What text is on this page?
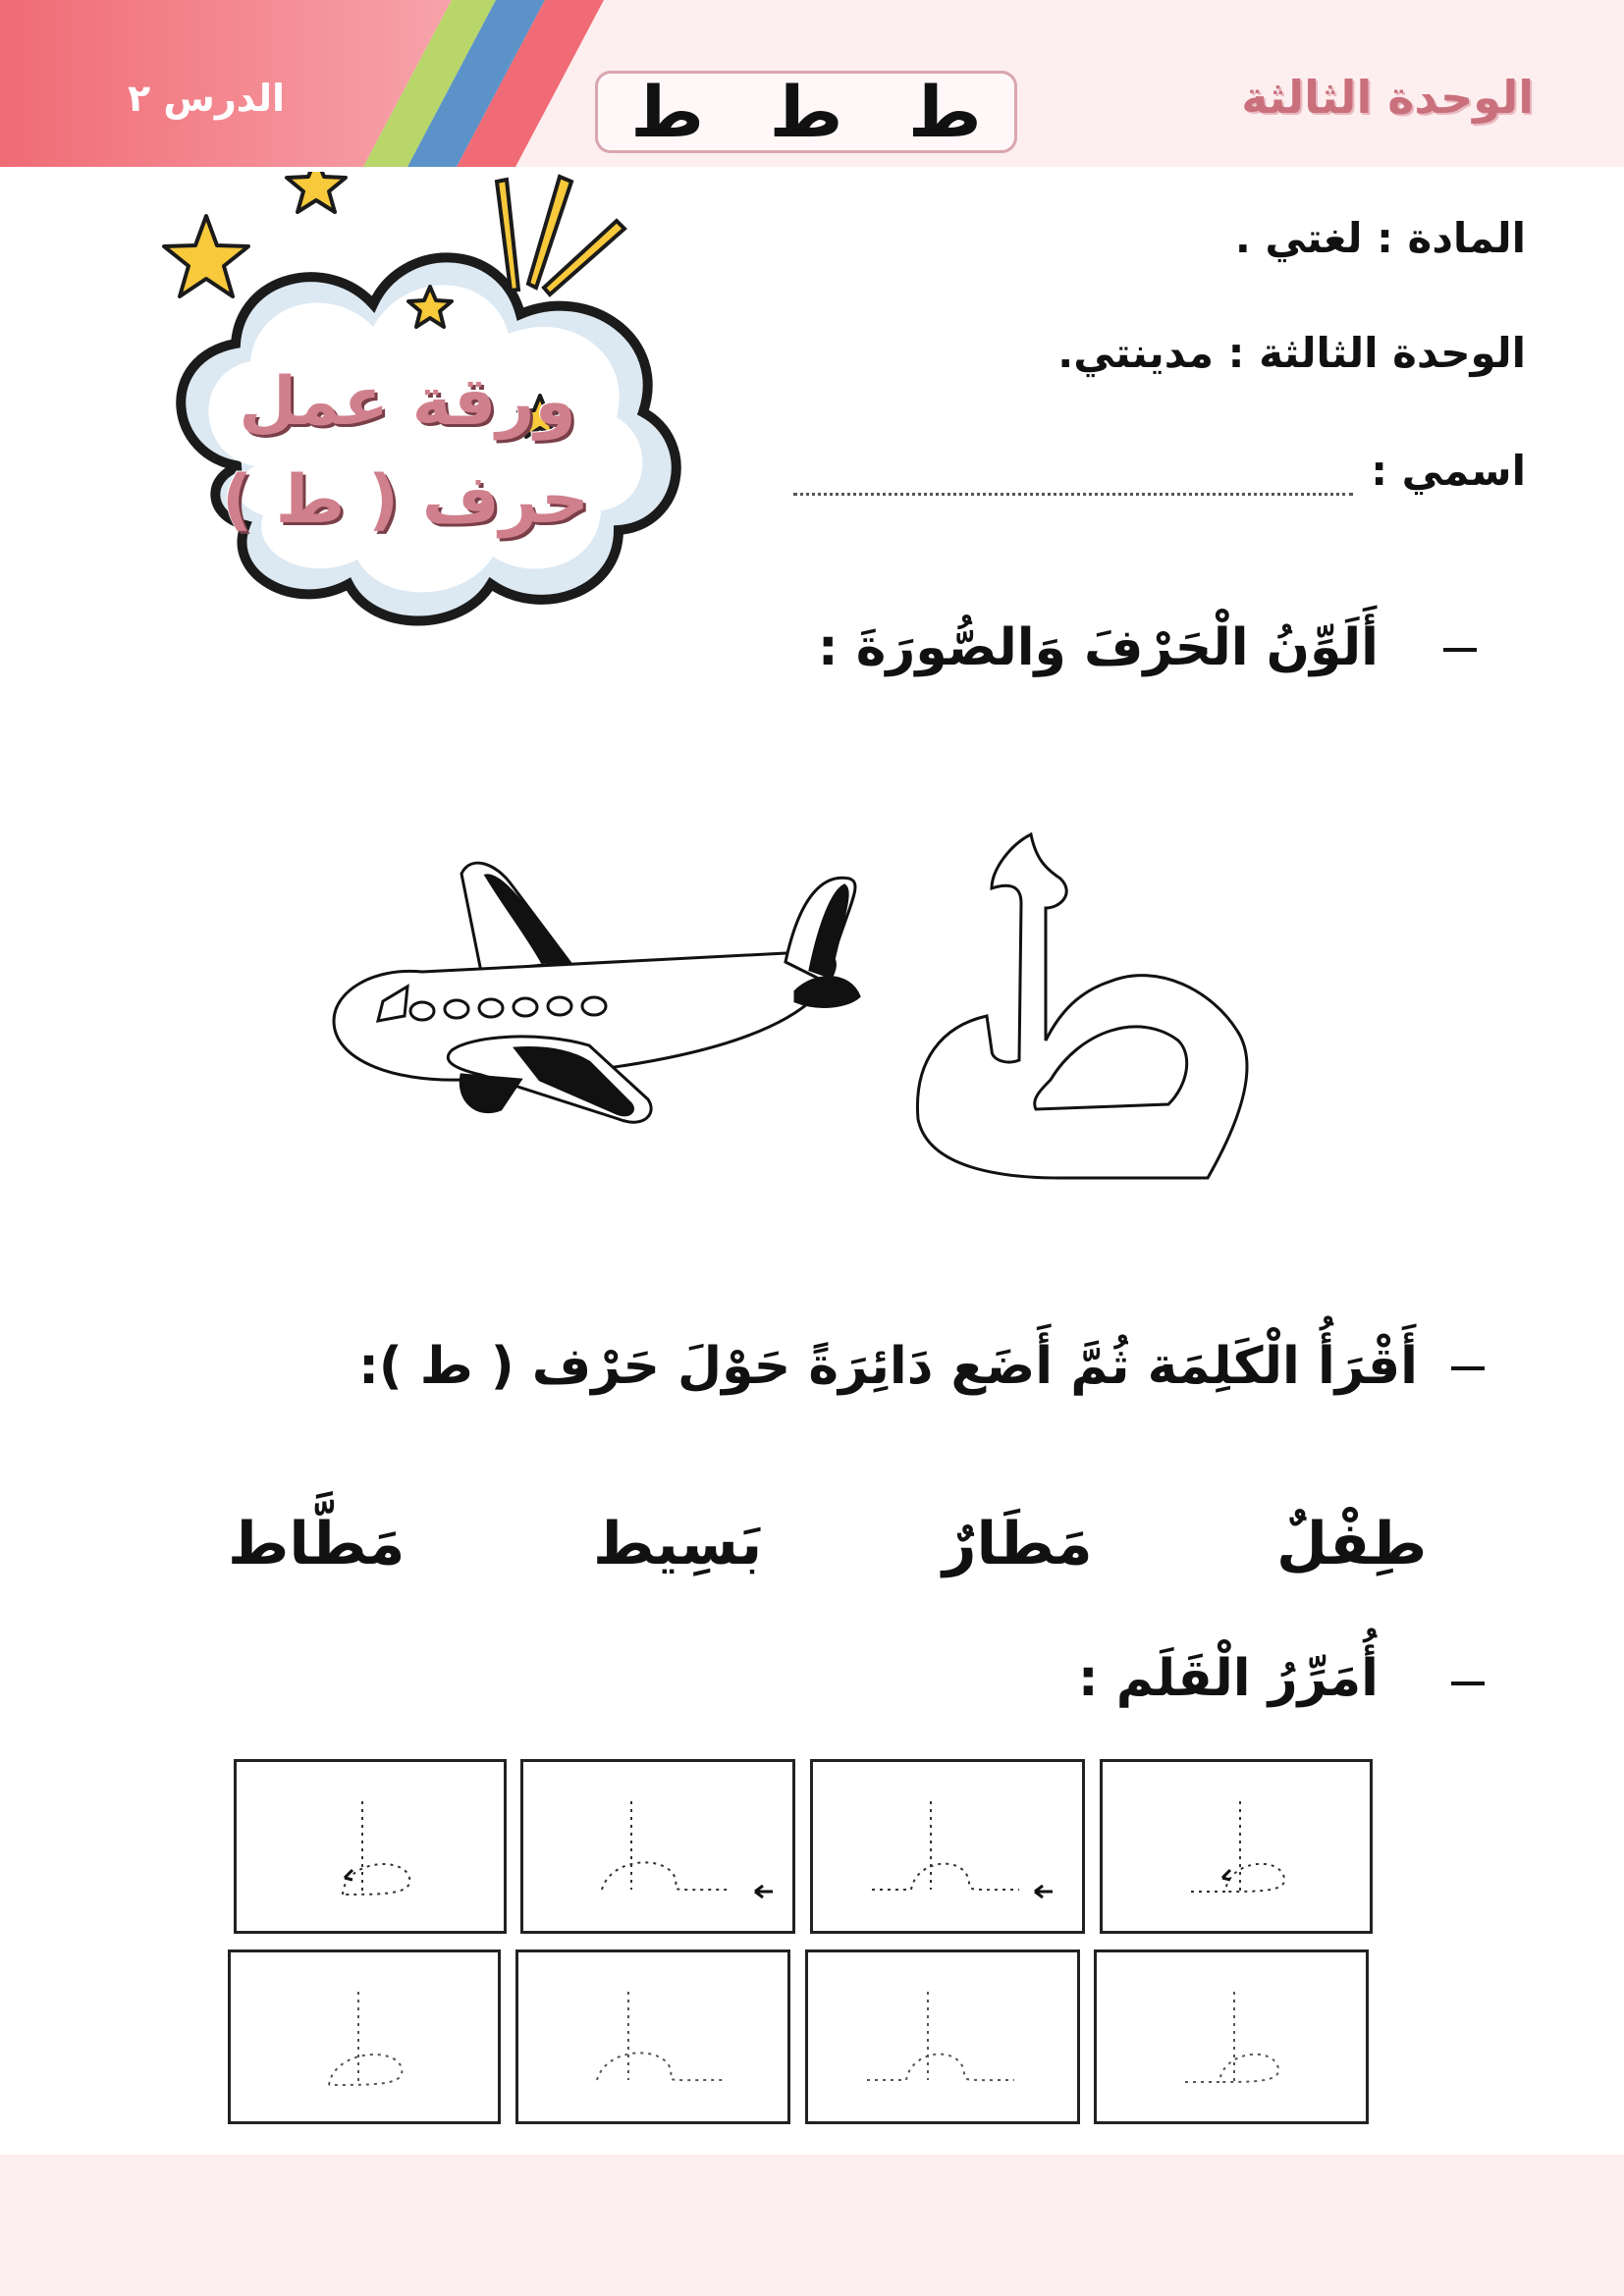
الدرس ٢	ط ط ط	الوحدة الثالثة
المادة : لغتي .
الوحدة الثالثة : مدينتي.
اسمي :
ورقة عمل
حرف ( ط )
أَلَوِّنُ الْحَرْفَ وَالصُّورَةَ :
أَقْرَأُ الْكَلِمَة ثُمَّ أَضَع دَائِرَةً حَوْلَ حَرْف ( ط ):
طِفْلٌ
مَطَارٌ
بَسِيط
مَطَّاط
أُمَرِّرُ الْقَلَم :
